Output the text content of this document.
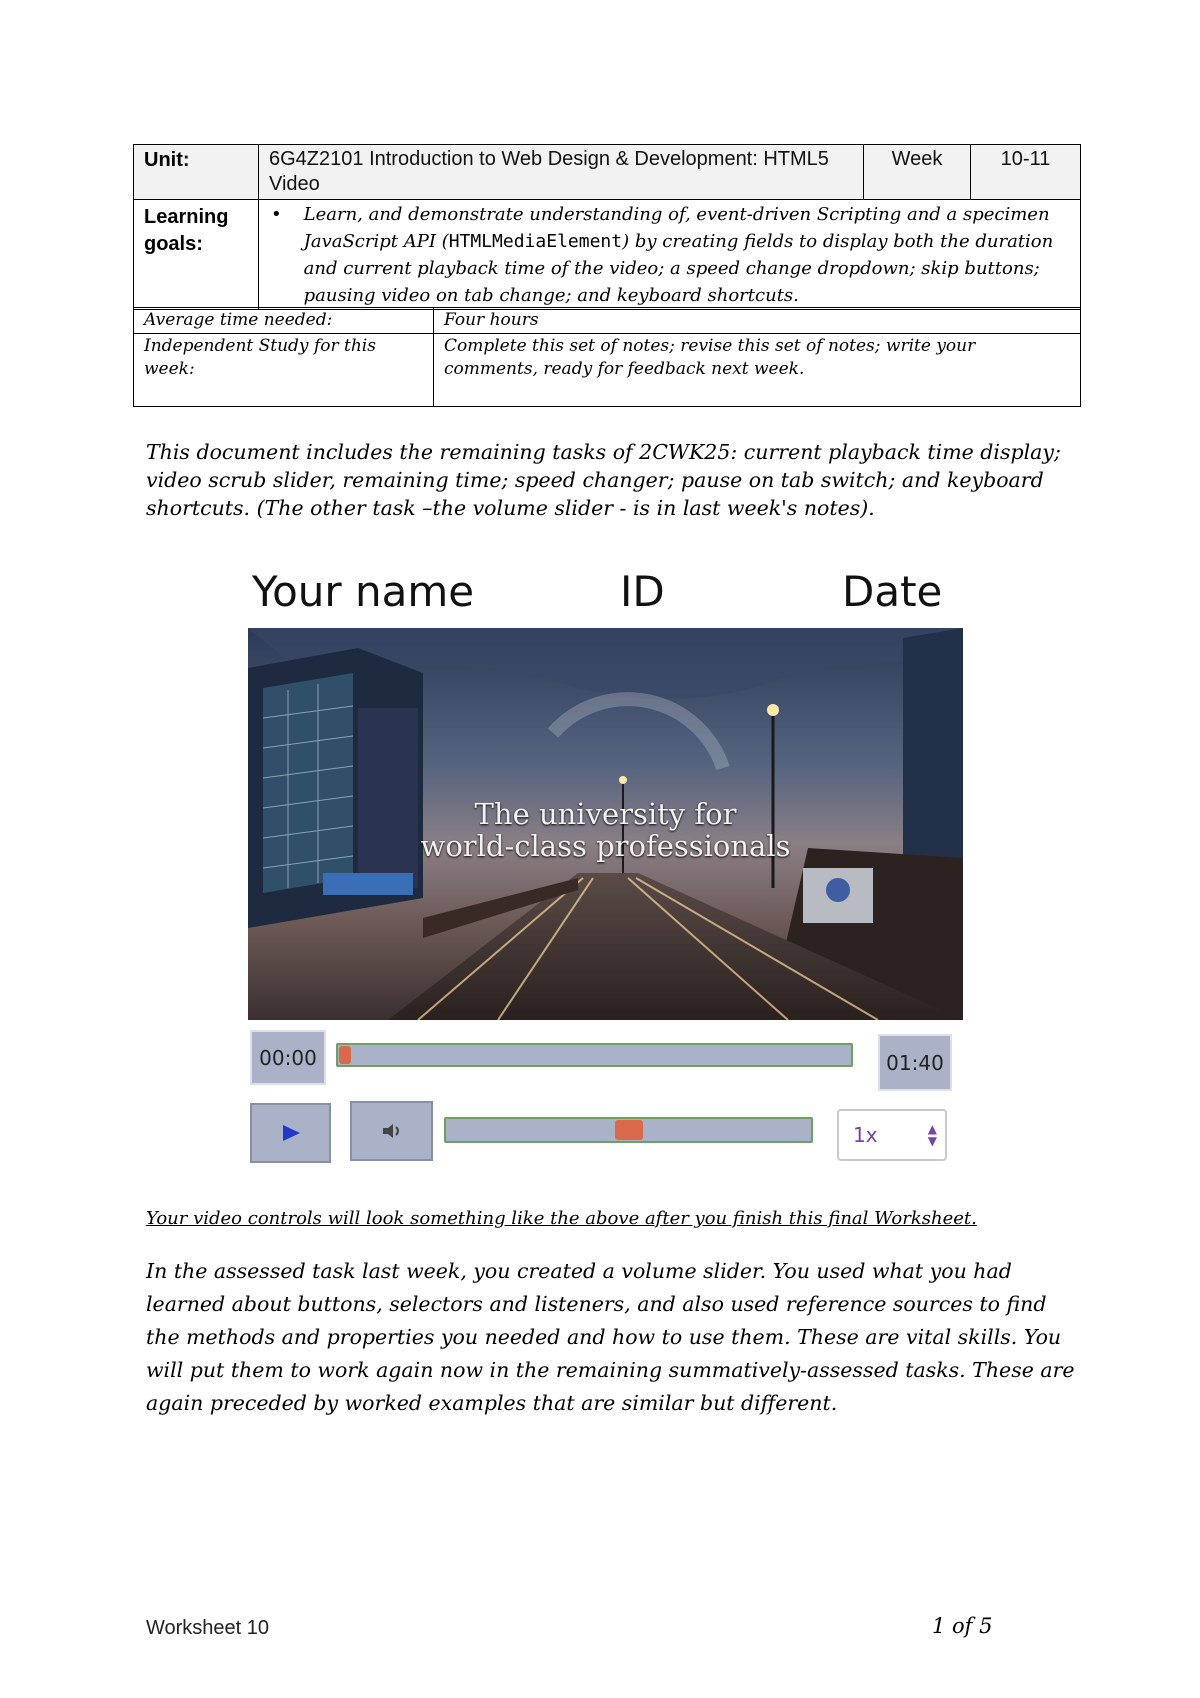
Unit:	6G4Z2101 Introduction to Web Design & Development: HTML5 Video	Week	10-11
Learning goals:	• Learn, and demonstrate understanding of, event-driven Scripting and a specimen JavaScript API (HTMLMediaElement) by creating fields to display both the duration and current playback time of the video; a speed change dropdown; skip buttons; pausing video on tab change; and keyboard shortcuts.		
Average time needed:	Four hours
Independent Study for this week:	Complete this set of notes; revise this set of notes; write your comments, ready for feedback next week.

This document includes the remaining tasks of 2CWK25: current playback time display; video scrub slider, remaining time; speed changer; pause on tab switch; and keyboard shortcuts. (The other task –the volume slider - is in last week's notes).

Your name	ID	Date
The university for
world-class professionals
00:00	01:40
1x	▲
▼

Your video controls will look something like the above after you finish this final Worksheet.

In the assessed task last week, you created a volume slider. You used what you had learned about buttons, selectors and listeners, and also used reference sources to find the methods and properties you needed and how to use them. These are vital skills. You will put them to work again now in the remaining summatively-assessed tasks. These are again preceded by worked examples that are similar but different.

Worksheet 10	1 of 5
